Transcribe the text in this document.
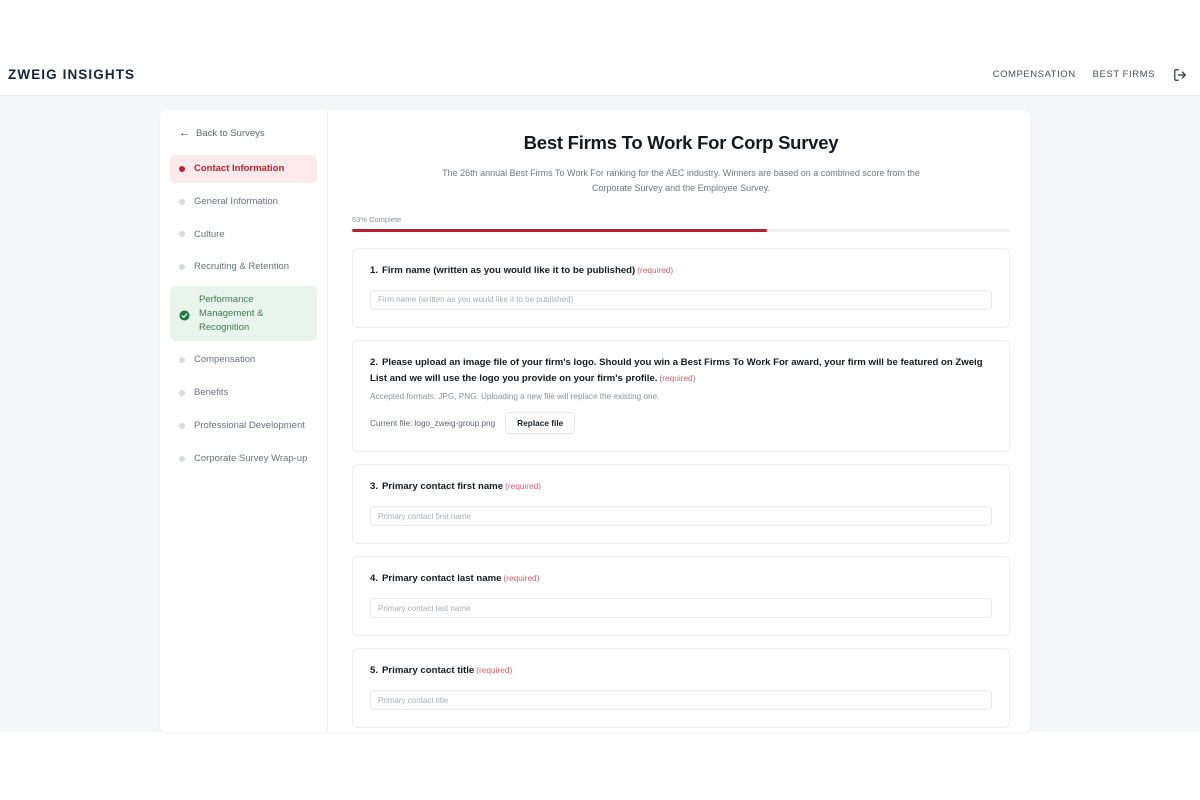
ZWEIG INSIGHTS	COMPENSATION BEST FIRMS
← Back to Surveys
Contact Information
General Information
Culture
Recruiting & Retention
Performance Management & Recognition
Compensation
Benefits
Professional Development
Corporate Survey Wrap-up
Best Firms To Work For Corp Survey
The 26th annual Best Firms To Work For ranking for the AEC industry. Winners are based on a combined score from the Corporate Survey and the Employee Survey.
63% Complete
1. Firm name (written as you would like it to be published) (required)
Firm name (written as you would like it to be published)
2. Please upload an image file of your firm's logo. Should you win a Best Firms To Work For award, your firm will be featured on Zweig List and we will use the logo you provide on your firm's profile. (required)
Accepted formats: JPG, PNG. Uploading a new file will replace the existing one.
Current file: logo_zweig-group.png	Replace file
3. Primary contact first name (required)
Primary contact first name
4. Primary contact last name (required)
Primary contact last name
5. Primary contact title (required)
Primary contact title
